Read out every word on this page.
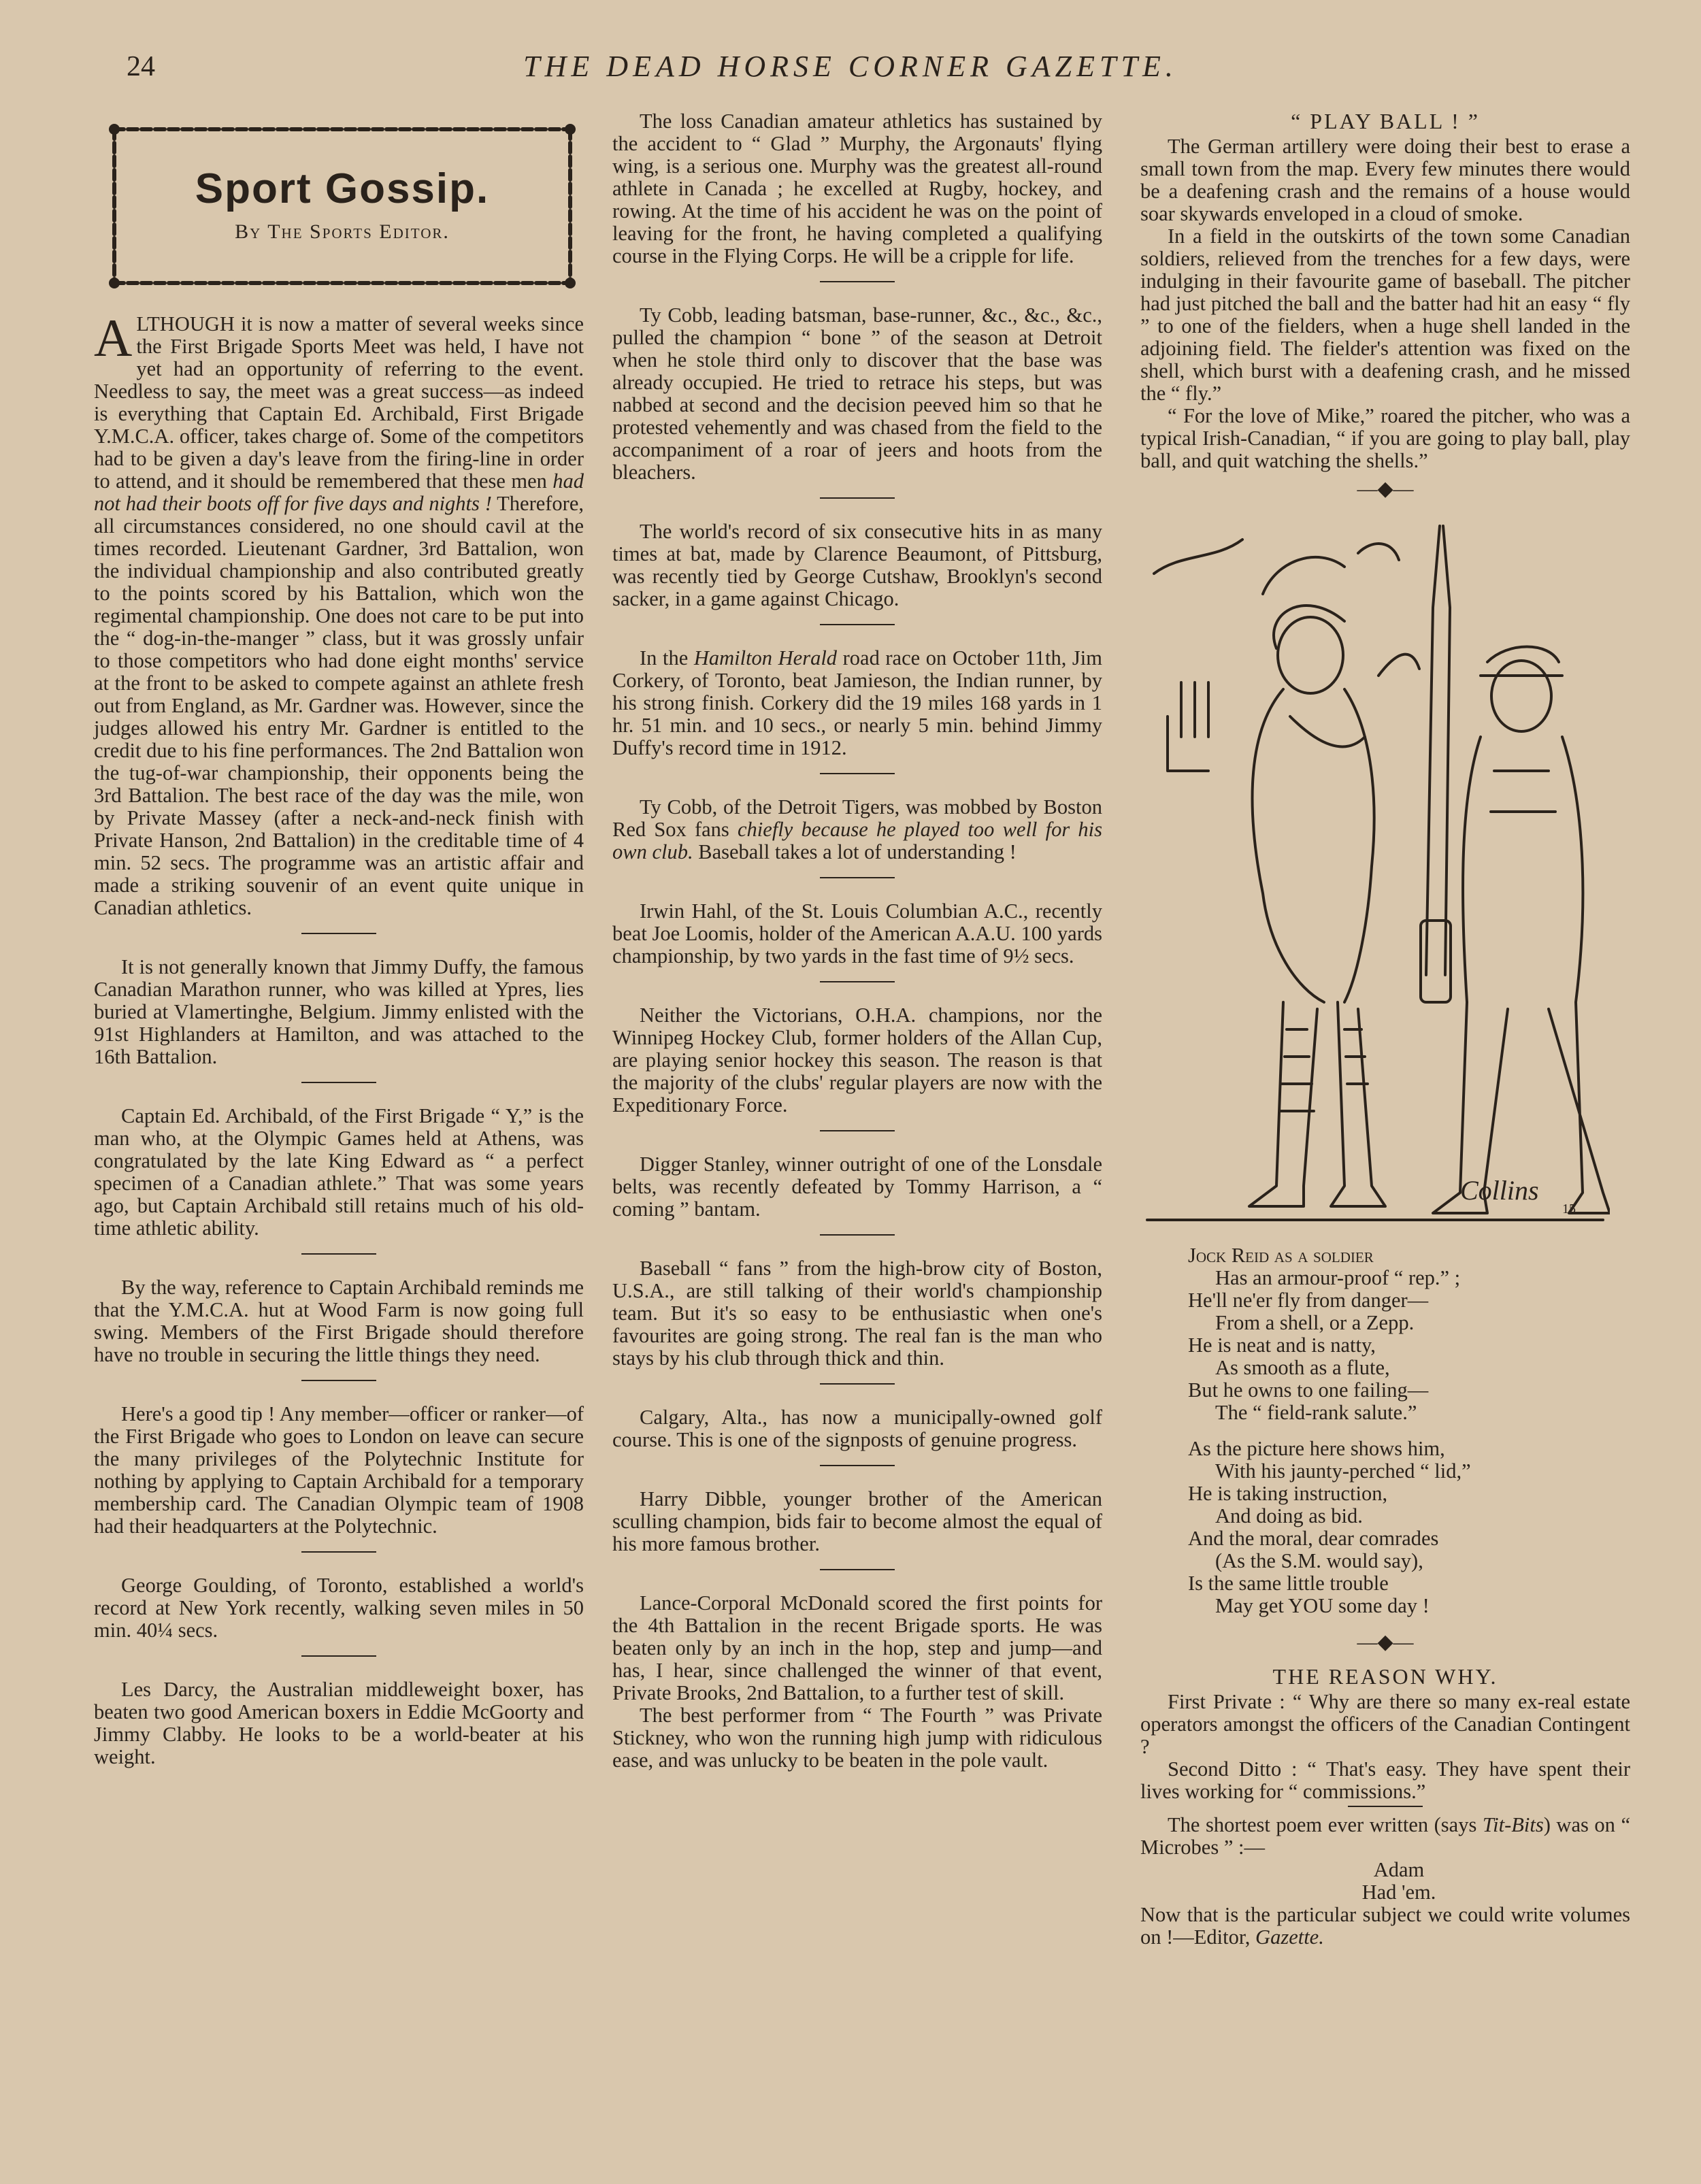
24	THE DEAD HORSE CORNER GAZETTE.
Sport Gossip.
By The Sports Editor.

ALTHOUGH it is now a matter of several weeks since the First Brigade Sports Meet was held, I have not yet had an opportunity of referring to the event. Needless to say, the meet was a great success—as indeed is everything that Captain Ed. Archibald, First Brigade Y.M.C.A. officer, takes charge of. Some of the competitors had to be given a day's leave from the firing-line in order to attend, and it should be remembered that these men had not had their boots off for five days and nights ! Therefore, all circumstances considered, no one should cavil at the times recorded. Lieutenant Gardner, 3rd Battalion, won the individual championship and also contributed greatly to the points scored by his Battalion, which won the regimental championship. One does not care to be put into the “ dog-in-the-manger ” class, but it was grossly unfair to those competitors who had done eight months' service at the front to be asked to compete against an athlete fresh out from England, as Mr. Gardner was. However, since the judges allowed his entry Mr. Gardner is entitled to the credit due to his fine performances. The 2nd Battalion won the tug-of-war championship, their opponents being the 3rd Battalion. The best race of the day was the mile, won by Private Massey (after a neck-and-neck finish with Private Hanson, 2nd Battalion) in the creditable time of 4 min. 52 secs. The programme was an artistic affair and made a striking souvenir of an event quite unique in Canadian athletics.

It is not generally known that Jimmy Duffy, the famous Canadian Marathon runner, who was killed at Ypres, lies buried at Vlamertinghe, Belgium. Jimmy enlisted with the 91st Highlanders at Hamilton, and was attached to the 16th Battalion.

Captain Ed. Archibald, of the First Brigade “ Y,” is the man who, at the Olympic Games held at Athens, was congratulated by the late King Edward as “ a perfect specimen of a Canadian athlete.” That was some years ago, but Captain Archibald still retains much of his old-time athletic ability.

By the way, reference to Captain Archibald reminds me that the Y.M.C.A. hut at Wood Farm is now going full swing. Members of the First Brigade should therefore have no trouble in securing the little things they need.

Here's a good tip ! Any member—officer or ranker—of the First Brigade who goes to London on leave can secure the many privileges of the Polytechnic Institute for nothing by applying to Captain Archibald for a temporary membership card. The Canadian Olympic team of 1908 had their headquarters at the Polytechnic.

George Goulding, of Toronto, established a world's record at New York recently, walking seven miles in 50 min. 40¼ secs.

Les Darcy, the Australian middleweight boxer, has beaten two good American boxers in Eddie McGoorty and Jimmy Clabby. He looks to be a world-beater at his weight.

The loss Canadian amateur athletics has sustained by the accident to “ Glad ” Murphy, the Argonauts' flying wing, is a serious one. Murphy was the greatest all-round athlete in Canada ; he excelled at Rugby, hockey, and rowing. At the time of his accident he was on the point of leaving for the front, he having completed a qualifying course in the Flying Corps. He will be a cripple for life.

Ty Cobb, leading batsman, base-runner, &c., &c., &c., pulled the champion “ bone ” of the season at Detroit when he stole third only to discover that the base was already occupied. He tried to retrace his steps, but was nabbed at second and the decision peeved him so that he protested vehemently and was chased from the field to the accompaniment of a roar of jeers and hoots from the bleachers.

The world's record of six consecutive hits in as many times at bat, made by Clarence Beaumont, of Pittsburg, was recently tied by George Cutshaw, Brooklyn's second sacker, in a game against Chicago.

In the Hamilton Herald road race on October 11th, Jim Corkery, of Toronto, beat Jamieson, the Indian runner, by his strong finish. Corkery did the 19 miles 168 yards in 1 hr. 51 min. and 10 secs., or nearly 5 min. behind Jimmy Duffy's record time in 1912.

Ty Cobb, of the Detroit Tigers, was mobbed by Boston Red Sox fans chiefly because he played too well for his own club. Baseball takes a lot of understanding !

Irwin Hahl, of the St. Louis Columbian A.C., recently beat Joe Loomis, holder of the American A.A.U. 100 yards championship, by two yards in the fast time of 9½ secs.

Neither the Victorians, O.H.A. champions, nor the Winnipeg Hockey Club, former holders of the Allan Cup, are playing senior hockey this season. The reason is that the majority of the clubs' regular players are now with the Expeditionary Force.

Digger Stanley, winner outright of one of the Lonsdale belts, was recently defeated by Tommy Harrison, a “ coming ” bantam.

Baseball “ fans ” from the high-brow city of Boston, U.S.A., are still talking of their world's championship team. But it's so easy to be enthusiastic when one's favourites are going strong. The real fan is the man who stays by his club through thick and thin.

Calgary, Alta., has now a municipally-owned golf course. This is one of the signposts of genuine progress.

Harry Dibble, younger brother of the American sculling champion, bids fair to become almost the equal of his more famous brother.

Lance-Corporal McDonald scored the first points for the 4th Battalion in the recent Brigade sports. He was beaten only by an inch in the hop, step and jump—and has, I hear, since challenged the winner of that event, Private Brooks, 2nd Battalion, to a further test of skill.

The best performer from “ The Fourth ” was Private Stickney, who won the running high jump with ridiculous ease, and was unlucky to be beaten in the pole vault.

“ PLAY BALL ! ”

The German artillery were doing their best to erase a small town from the map. Every few minutes there would be a deafening crash and the remains of a house would soar skywards enveloped in a cloud of smoke.

In a field in the outskirts of the town some Canadian soldiers, relieved from the trenches for a few days, were indulging in their favourite game of baseball. The pitcher had just pitched the ball and the batter had hit an easy “ fly ” to one of the fielders, when a huge shell landed in the adjoining field. The fielder's attention was fixed on the shell, which burst with a deafening crash, and he missed the “ fly.”

“ For the love of Mike,” roared the pitcher, who was a typical Irish-Canadian, “ if you are going to play ball, play ball, and quit watching the shells.”

—◆—
Collins
15

Jock Reid as a soldier

Has an armour-proof “ rep.” ;

He'll ne'er fly from danger—

From a shell, or a Zepp.

He is neat and is natty,

As smooth as a flute,

But he owns to one failing—

The “ field-rank salute.”

As the picture here shows him,

With his jaunty-perched “ lid,”

He is taking instruction,

And doing as bid.

And the moral, dear comrades

(As the S.M. would say),

Is the same little trouble

May get YOU some day !

—◆—
THE REASON WHY.

First Private : “ Why are there so many ex-real estate operators amongst the officers of the Canadian Contingent ?

Second Ditto : “ That's easy. They have spent their lives working for “ commissions.”

The shortest poem ever written (says Tit-Bits) was on “ Microbes ” :—

Adam

Had 'em.

Now that is the particular subject we could write volumes on !—Editor, Gazette.
